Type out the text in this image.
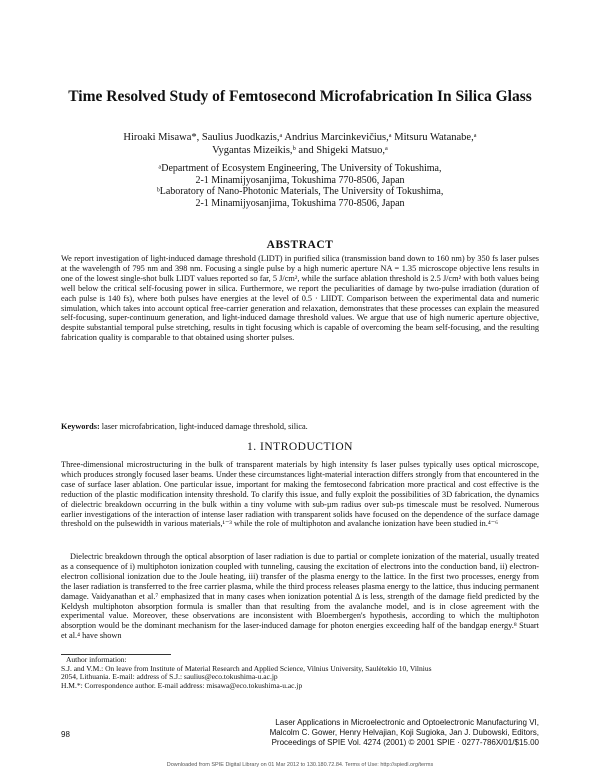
Time Resolved Study of Femtosecond Microfabrication In Silica Glass
Hiroaki Misawa*, Saulius Juodkazis,ᵃ Andrius Marcinkevičius,ᵃ Mitsuru Watanabe,ᵃ
Vygantas Mizeikis,ᵇ and Shigeki Matsuo,ᵃ
ᵃDepartment of Ecosystem Engineering, The University of Tokushima,
2-1 Minamijyosanjima, Tokushima 770-8506, Japan
ᵇLaboratory of Nano-Photonic Materials, The University of Tokushima,
2-1 Minamijyosanjima, Tokushima 770-8506, Japan
ABSTRACT
We report investigation of light-induced damage threshold (LIDT) in purified silica (transmission band down to 160 nm) by 350 fs laser pulses at the wavelength of 795 nm and 398 nm. Focusing a single pulse by a high numeric aperture NA = 1.35 microscope objective lens results in one of the lowest single-shot bulk LIDT values reported so far, 5 J/cm², while the surface ablation threshold is 2.5 J/cm² with both values being well below the critical self-focusing power in silica. Furthermore, we report the peculiarities of damage by two-pulse irradiation (duration of each pulse is 140 fs), where both pulses have energies at the level of 0.5 · LIIDT. Comparison between the experimental data and numeric simulation, which takes into account optical free-carrier generation and relaxation, demonstrates that these processes can explain the measured self-focusing, super-continuum generation, and light-induced damage threshold values. We argue that use of high numeric aperture objective, despite substantial temporal pulse stretching, results in tight focusing which is capable of overcoming the beam self-focusing, and the resulting fabrication quality is comparable to that obtained using shorter pulses.
Keywords: laser microfabrication, light-induced damage threshold, silica.
1. INTRODUCTION
Three-dimensional microstructuring in the bulk of transparent materials by high intensity fs laser pulses typically uses optical microscope, which produces strongly focused laser beams. Under these circumstances light-material interaction differs strongly from that encountered in the case of surface laser ablation. One particular issue, important for making the femtosecond fabrication more practical and cost effective is the reduction of the plastic modification intensity threshold. To clarify this issue, and fully exploit the possibilities of 3D fabrication, the dynamics of dielectric breakdown occurring in the bulk within a tiny volume with sub-µm radius over sub-ps timescale must be resolved. Numerous earlier investigations of the interaction of intense laser radiation with transparent solids have focused on the dependence of the surface damage threshold on the pulsewidth in various materials,¹⁻³ while the role of multiphoton and avalanche ionization have been studied in.⁴⁻⁶
Dielectric breakdown through the optical absorption of laser radiation is due to partial or complete ionization of the material, usually treated as a consequence of i) multiphoton ionization coupled with tunneling, causing the excitation of electrons into the conduction band, ii) electron-electron collisional ionization due to the Joule heating, iii) transfer of the plasma energy to the lattice. In the first two processes, energy from the laser radiation is transferred to the free carrier plasma, while the third process releases plasma energy to the lattice, thus inducing permanent damage. Vaidyanathan et al.⁷ emphasized that in many cases when ionization potential Δ is less, strength of the damage field predicted by the Keldysh multiphoton absorption formula is smaller than that resulting from the avalanche model, and is in close agreement with the experimental value. Moreover, these observations are inconsistent with Bloembergen's hypothesis, according to which the multiphoton absorption would be the dominant mechanism for the laser-induced damage for photon energies exceeding half of the bandgap energy.⁸ Stuart et al.⁴ have shown
Author information:
S.J. and V.M.: On leave from Institute of Material Research and Applied Science, Vilnius University, Saulėtekio 10, Vilnius
2054, Lithuania. E-mail: address of S.J.: saulius@eco.tokushima-u.ac.jp
H.M.*: Correspondence author. E-mail address: misawa@eco.tokushima-u.ac.jp
98
Laser Applications in Microelectronic and Optoelectronic Manufacturing VI,
Malcolm C. Gower, Henry Helvajian, Koji Sugioka, Jan J. Dubowski, Editors,
Proceedings of SPIE Vol. 4274 (2001) © 2001 SPIE · 0277-786X/01/$15.00
Downloaded from SPIE Digital Library on 01 Mar 2012 to 130.180.72.84. Terms of Use: http://spiedl.org/terms
